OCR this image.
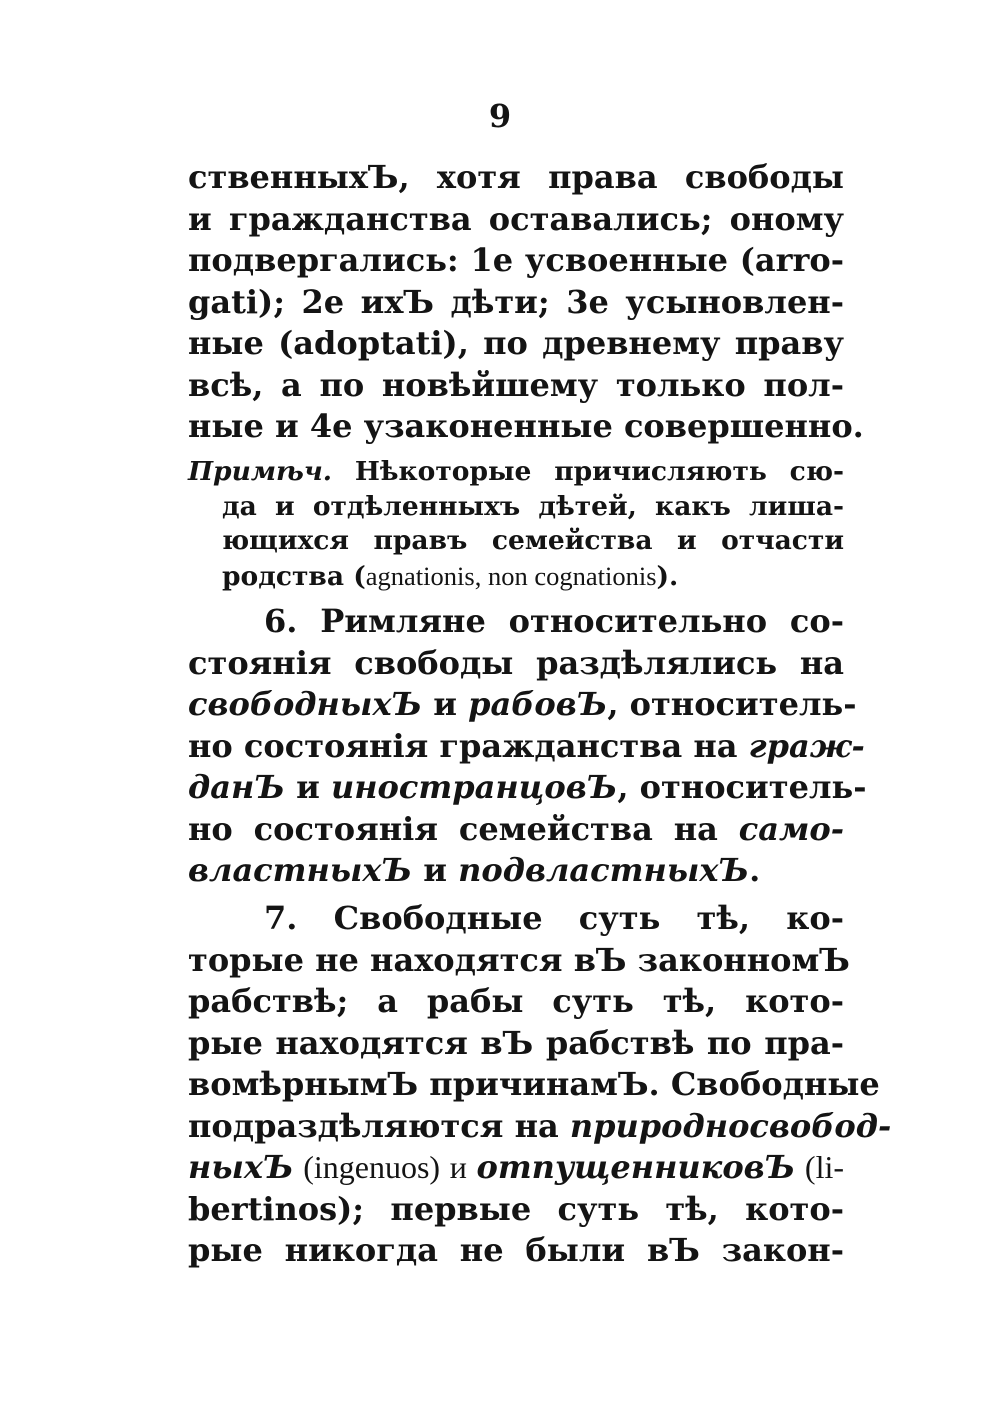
9
ственныхЪ, хотя права свободы
и гражданства оставались; оному
подвергались: 1е усвоенные (arro-
gati); 2е ихЪ дѣти; 3е усыновлен-
ные (adoptati), по древнему праву
всѣ, а по новѣйшему только пол-
ные и 4е узаконенные совершенно.
Примѣч. Нѣкоторые причисляють сю-
да и отдѣленныхъ дѣтей, какъ лиша-
ющихся правъ семейства и отчасти
родства (agnationis, non cognationis).
6. Римляне относительно со-
стоянія свободы раздѣлялись на
свободныхЪ и рабовЪ, относитель-
но состоянія гражданства на граж-
данЪ и иностранцовЪ, относитель-
но состоянія семейства на само-
властныхЪ и подвластныхЪ.
7. Свободные суть тѣ, ко-
торые не находятся вЪ законномЪ
рабствѣ; а рабы суть тѣ, кото-
рые находятся вЪ рабствѣ по пра-
вомѣрнымЪ причинамЪ. Свободные
подраздѣляются на природносвобод-
ныхЪ (ingenuos) и отпущенниковЪ (li-
bertinos); первые суть тѣ, кото-
рые никогда не были вЪ закон-
